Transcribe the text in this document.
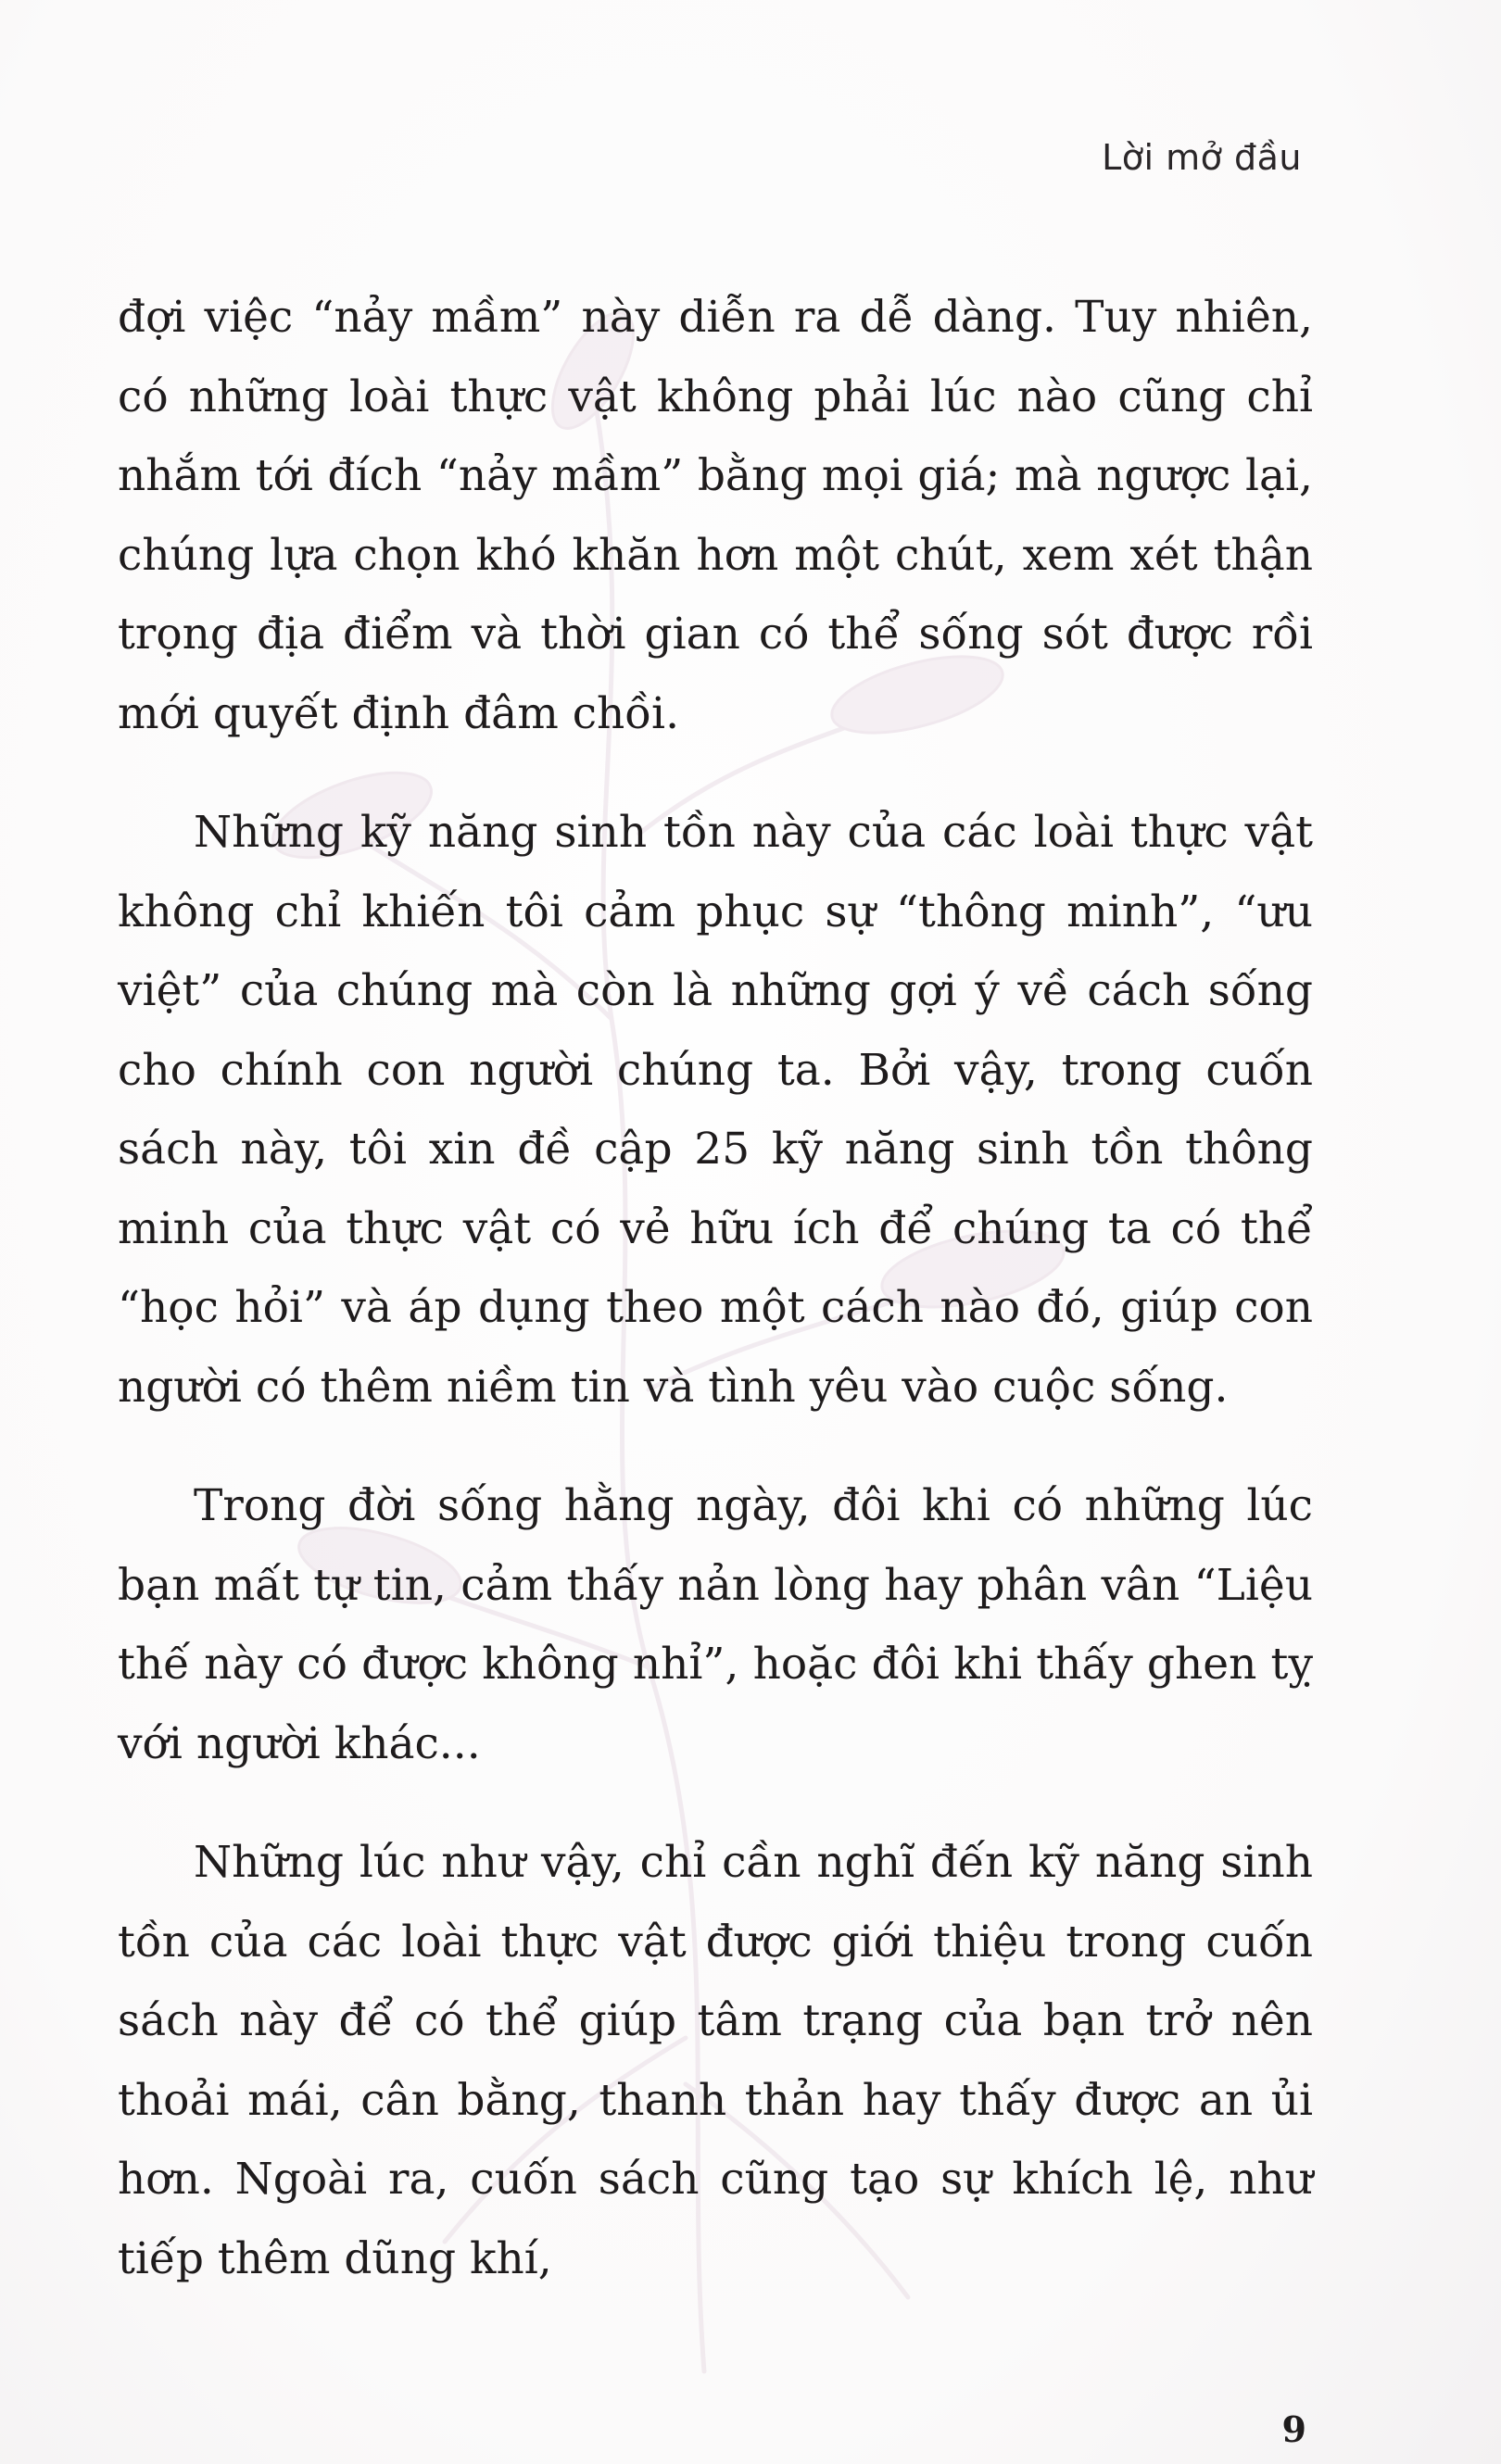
Lời mở đầu

đợi việc “nảy mầm” này diễn ra dễ dàng. Tuy nhiên, có những loài thực vật không phải lúc nào cũng chỉ nhắm tới đích “nảy mầm” bằng mọi giá; mà ngược lại, chúng lựa chọn khó khăn hơn một chút, xem xét thận trọng địa điểm và thời gian có thể sống sót được rồi mới quyết định đâm chồi.

Những kỹ năng sinh tồn này của các loài thực vật không chỉ khiến tôi cảm phục sự “thông minh”, “ưu việt” của chúng mà còn là những gợi ý về cách sống cho chính con người chúng ta. Bởi vậy, trong cuốn sách này, tôi xin đề cập 25 kỹ năng sinh tồn thông minh của thực vật có vẻ hữu ích để chúng ta có thể “học hỏi” và áp dụng theo một cách nào đó, giúp con người có thêm niềm tin và tình yêu vào cuộc sống.

Trong đời sống hằng ngày, đôi khi có những lúc bạn mất tự tin, cảm thấy nản lòng hay phân vân “Liệu thế này có được không nhỉ”, hoặc đôi khi thấy ghen tỵ với người khác...

Những lúc như vậy, chỉ cần nghĩ đến kỹ năng sinh tồn của các loài thực vật được giới thiệu trong cuốn sách này để có thể giúp tâm trạng của bạn trở nên thoải mái, cân bằng, thanh thản hay thấy được an ủi hơn. Ngoài ra, cuốn sách cũng tạo sự khích lệ, như tiếp thêm dũng khí,

9
